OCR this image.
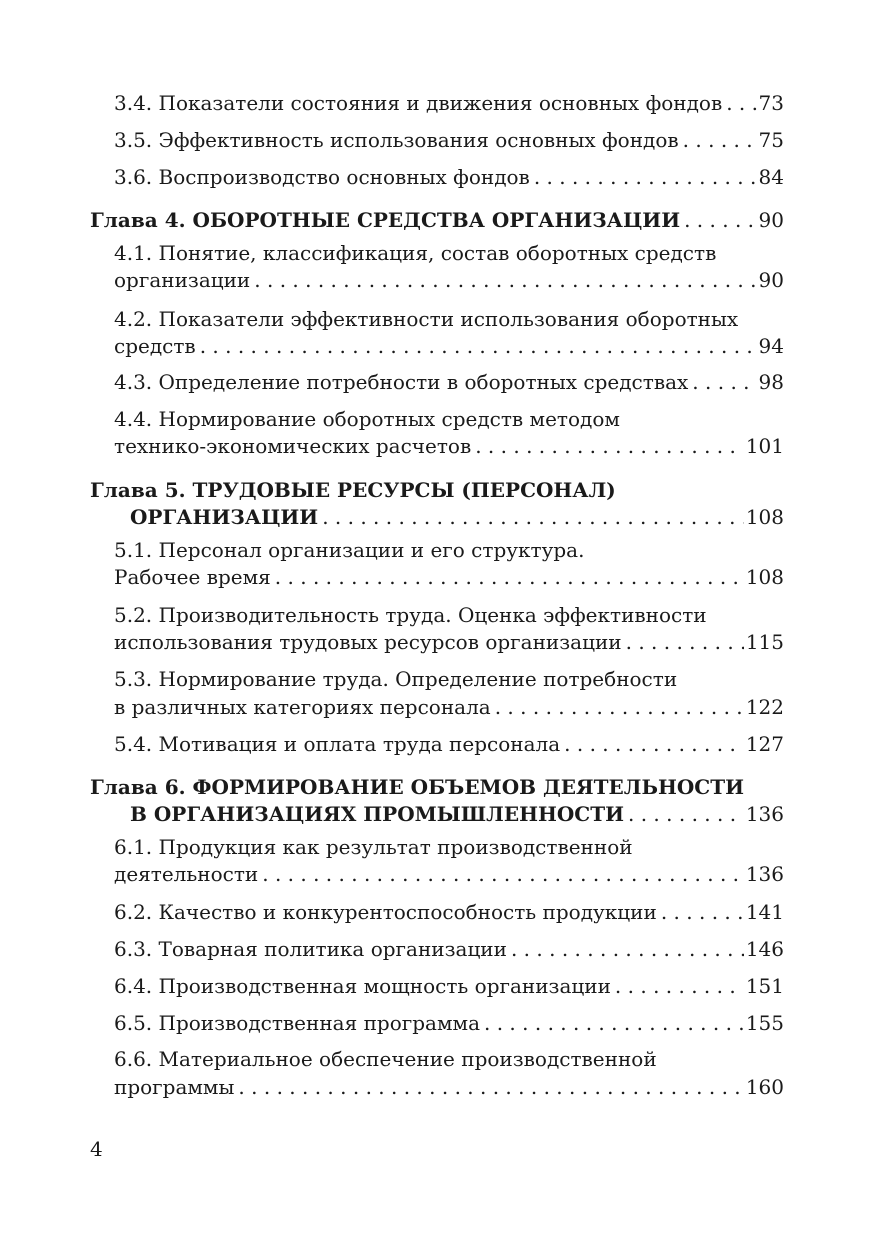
3.4. Показатели состояния и движения основных фондов . . . 73
3.5. Эффективность использования основных фондов . . .	75
3.6. Воспроизводство основных фондов . . .	84
Глава 4. ОБОРОТНЫЕ СРЕДСТВА ОРГАНИЗАЦИИ . . .	90
4.1. Понятие, классификация, состав оборотных средств
организации . . .	90
4.2. Показатели эффективности использования оборотных
средств . . .	94
4.3. Определение потребности в оборотных средствах . . .	98
4.4. Нормирование оборотных средств методом
технико-экономических расчетов . . .	101
Глава 5. ТРУДОВЫЕ РЕСУРСЫ (ПЕРСОНАЛ)
ОРГАНИЗАЦИИ . . .	108
5.1. Персонал организации и его структура.
Рабочее время . . .	108
5.2. Производительность труда. Оценка эффективности
использования трудовых ресурсов организации . . .	115
5.3. Нормирование труда. Определение потребности
в различных категориях персонала . . .	122
5.4. Мотивация и оплата труда персонала . . .	127
Глава 6. ФОРМИРОВАНИЕ ОБЪЕМОВ ДЕЯТЕЛЬНОСТИ
В ОРГАНИЗАЦИЯХ ПРОМЫШЛЕННОСТИ . . .	136
6.1. Продукция как результат производственной
деятельности . . .	136
6.2. Качество и конкурентоспособность продукции . . .	141
6.3. Товарная политика организации . . .	146
6.4. Производственная мощность организации . . .	151
6.5. Производственная программа . . .	155
6.6. Материальное обеспечение производственной
программы . . .	160
4
